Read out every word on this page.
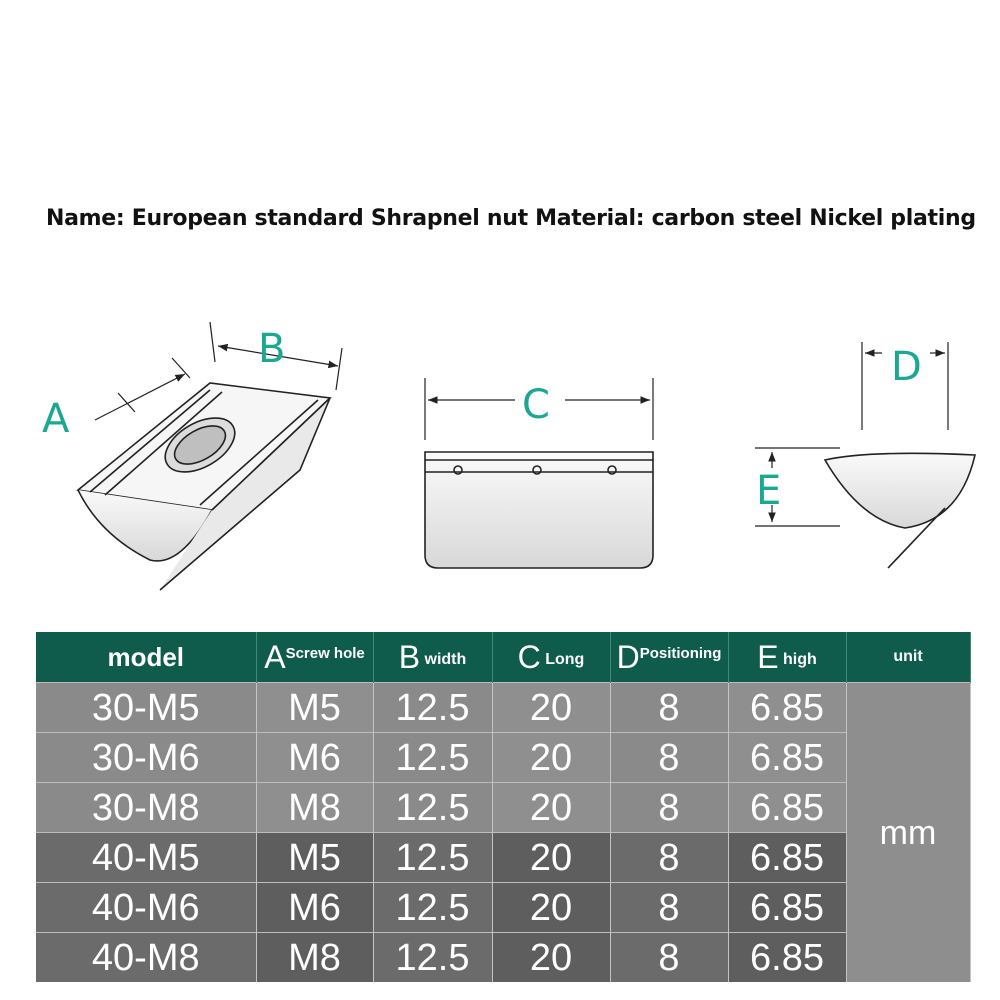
Name: European standard Shrapnel nut Material: carbon steel Nickel plating
B
A	C
D
E
model	AScrew hole	B width	C Long	DPositioning	E high	unit
30-M5	M5	12.5	20	8	6.85	mm
30-M6	M6	12.5	20	8	6.85	
30-M8	M8	12.5	20	8	6.85	
40-M5	M5	12.5	20	8	6.85	
40-M6	M6	12.5	20	8	6.85	
40-M8	M8	12.5	20	8	6.85	
